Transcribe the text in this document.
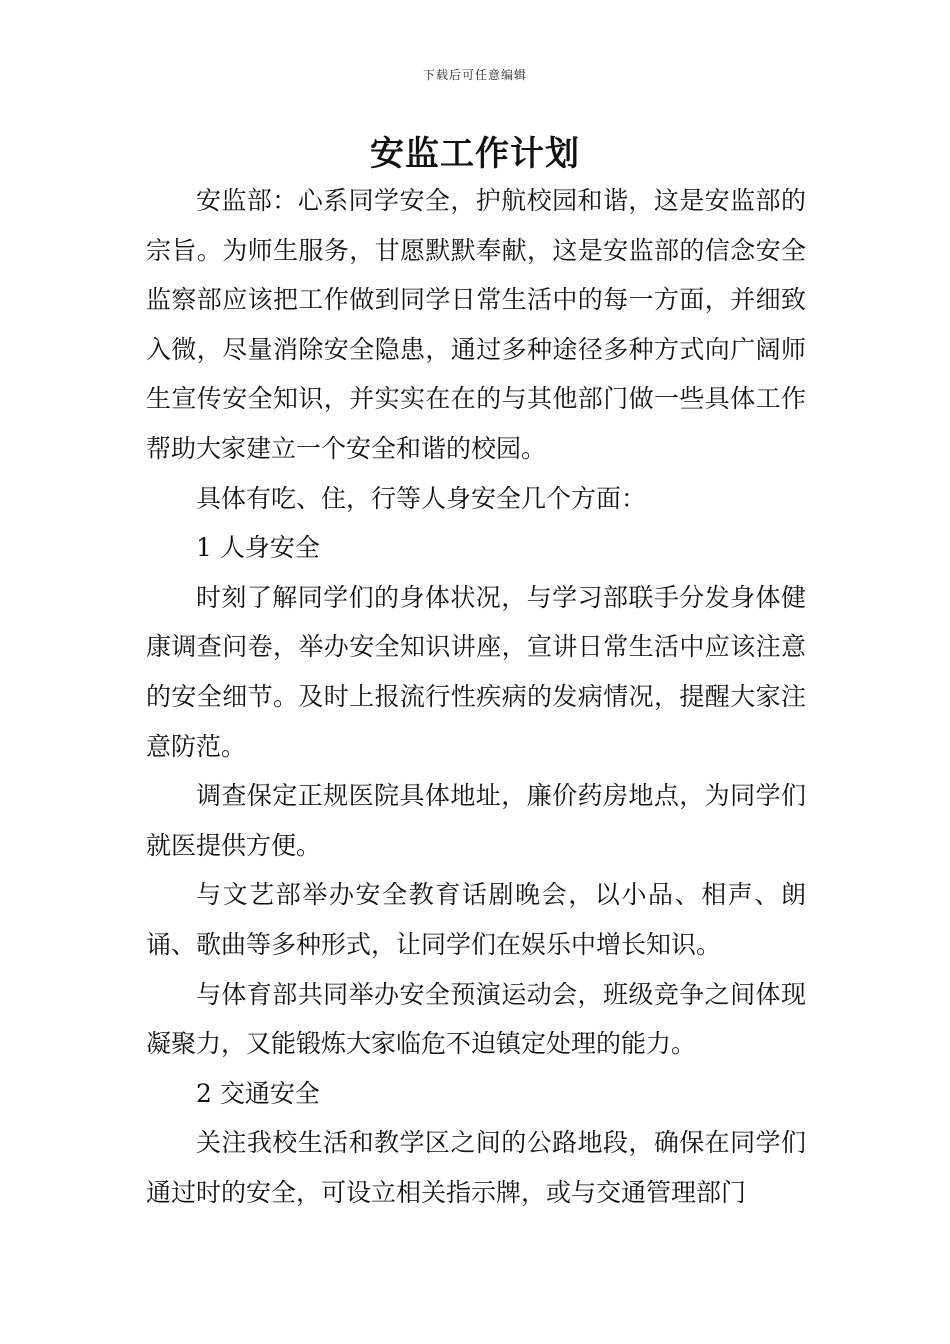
下载后可任意编辑
安监工作计划

安监部：心系同学安全，护航校园和谐，这是安监部的宗旨。为师生服务，甘愿默默奉献，这是安监部的信念安全监察部应该把工作做到同学日常生活中的每一方面，并细致入微，尽量消除安全隐患，通过多种途径多种方式向广阔师生宣传安全知识，并实实在在的与其他部门做一些具体工作帮助大家建立一个安全和谐的校园。

具体有吃、住，行等人身安全几个方面：

1 人身安全

时刻了解同学们的身体状况，与学习部联手分发身体健康调查问卷，举办安全知识讲座，宣讲日常生活中应该注意的安全细节。及时上报流行性疾病的发病情况，提醒大家注意防范。

调查保定正规医院具体地址，廉价药房地点，为同学们就医提供方便。

与文艺部举办安全教育话剧晚会，以小品、相声、朗诵、歌曲等多种形式，让同学们在娱乐中增长知识。

与体育部共同举办安全预演运动会，班级竞争之间体现凝聚力，又能锻炼大家临危不迫镇定处理的能力。

2 交通安全

关注我校生活和教学区之间的公路地段，确保在同学们通过时的安全，可设立相关指示牌，或与交通管理部门
